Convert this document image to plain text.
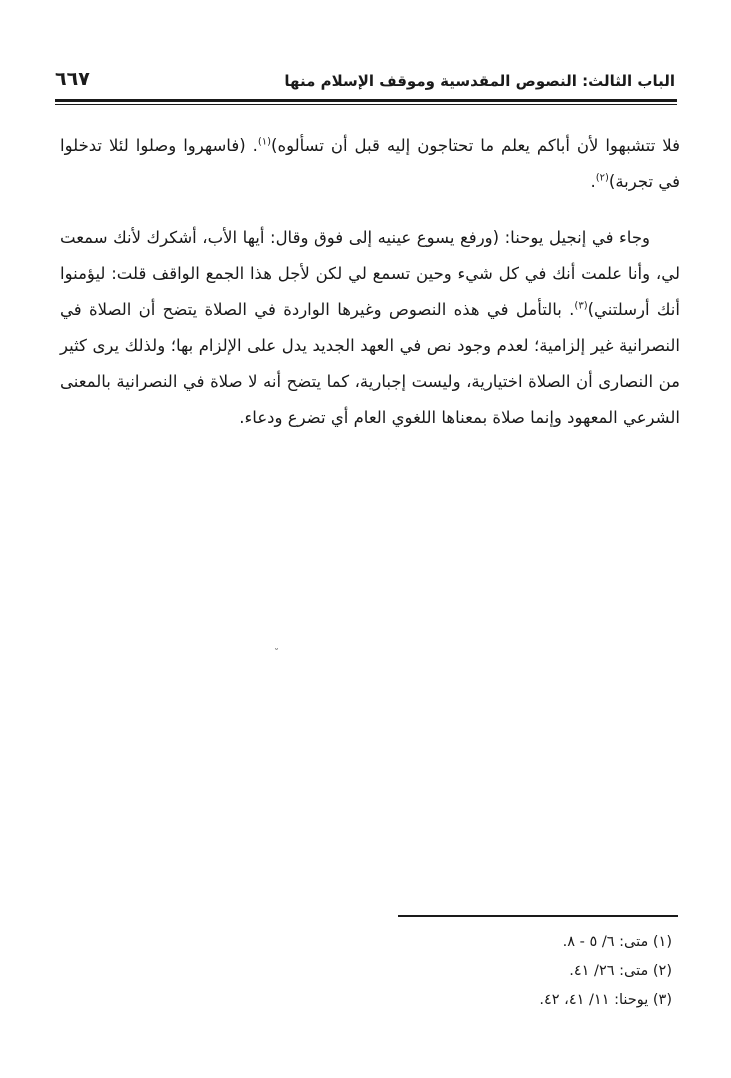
الباب الثالث: النصوص المقدسية وموقف الإسلام منها
٦٦٧

فلا تتشبهوا لأن أباكم يعلم ما تحتاجون إليه قبل أن تسألوه)$^{(١)}$. (فاسهروا وصلوا لئلا تدخلوا في تجربة)$^{(٢)}$.

وجاء في إنجيل يوحنا: (ورفع يسوع عينيه إلى فوق وقال: أيها الأب، أشكرك لأنك سمعت لي، وأنا علمت أنك في كل شيء وحين تسمع لي لكن لأجل هذا الجمع الواقف قلت: ليؤمنوا أنك أرسلتني)$^{(٣)}$. بالتأمل في هذه النصوص وغيرها الواردة في الصلاة يتضح أن الصلاة في النصرانية غير إلزامية؛ لعدم وجود نص في العهد الجديد يدل على الإلزام بها؛ ولذلك يرى كثير من النصارى أن الصلاة اختيارية، وليست إجبارية، كما يتضح أنه لا صلاة في النصرانية بالمعنى الشرعي المعهود وإنما صلاة بمعناها اللغوي العام أي تضرع ودعاء.

˘
(١) متى: ٦/ ٥ - ٨.
(٢) متى: ٢٦/ ٤١.
(٣) يوحنا: ١١/ ٤١، ٤٢.
